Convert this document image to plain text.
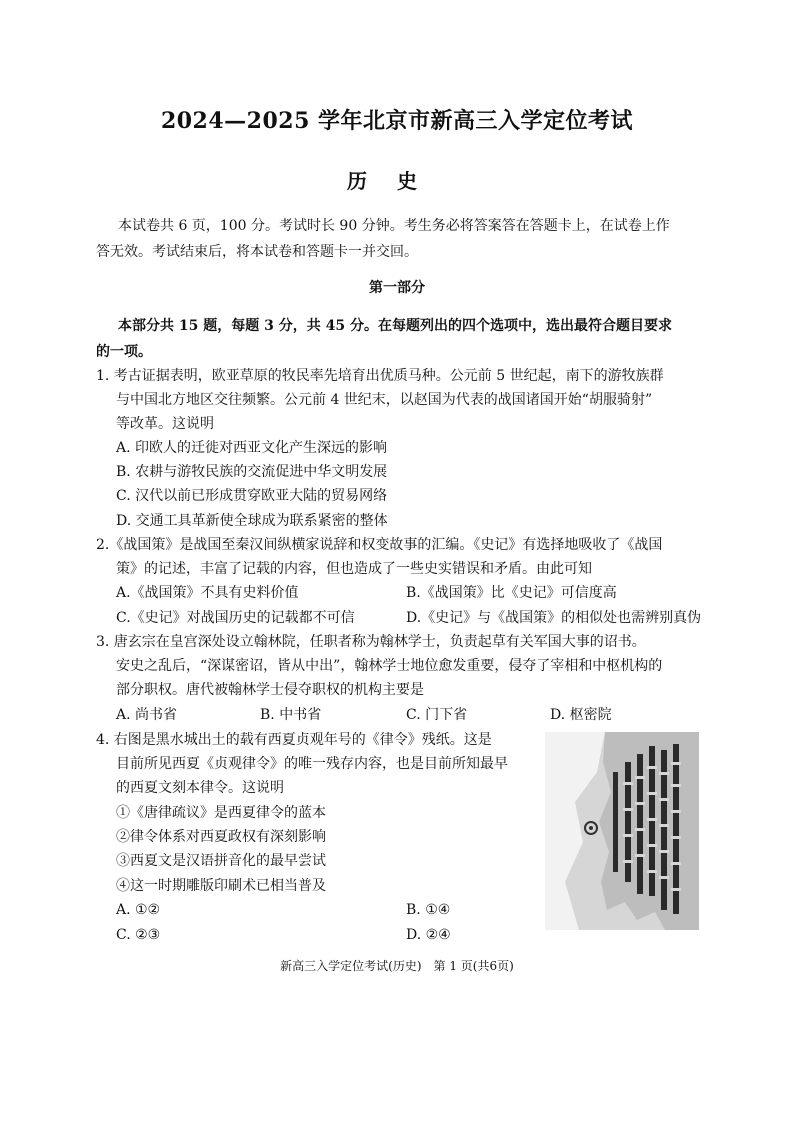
2024—2025 学年北京市新高三入学定位考试
历史
本试卷共 6 页，100 分。考试时长 90 分钟。考生务必将答案答在答题卡上，在试卷上作
答无效。考试结束后，将本试卷和答题卡一并交回。
第一部分
本部分共 15 题，每题 3 分，共 45 分。在每题列出的四个选项中，选出最符合题目要求
的一项。
1. 考古证据表明，欧亚草原的牧民率先培育出优质马种。公元前 5 世纪起，南下的游牧族群
与中国北方地区交往频繁。公元前 4 世纪末，以赵国为代表的战国诸国开始“胡服骑射”
等改革。这说明
A. 印欧人的迁徙对西亚文化产生深远的影响
B. 农耕与游牧民族的交流促进中华文明发展
C. 汉代以前已形成贯穿欧亚大陆的贸易网络
D. 交通工具革新使全球成为联系紧密的整体
2.《战国策》是战国至秦汉间纵横家说辞和权变故事的汇编。《史记》有选择地吸收了《战国
策》的记述，丰富了记载的内容，但也造成了一些史实错误和矛盾。由此可知
A.《战国策》不具有史料价值	B.《战国策》比《史记》可信度高
C.《史记》对战国历史的记载都不可信	D.《史记》与《战国策》的相似处也需辨别真伪
3. 唐玄宗在皇宫深处设立翰林院，任职者称为翰林学士，负责起草有关军国大事的诏书。
安史之乱后，“深谋密诏，皆从中出”，翰林学士地位愈发重要，侵夺了宰相和中枢机构的
部分职权。唐代被翰林学士侵夺职权的机构主要是
A. 尚书省	B. 中书省	C. 门下省	D. 枢密院
4. 右图是黑水城出土的载有西夏贞观年号的《律令》残纸。这是
目前所见西夏《贞观律令》的唯一残存内容，也是目前所知最早
的西夏文刻本律令。这说明
①《唐律疏议》是西夏律令的蓝本
②律令体系对西夏政权有深刻影响
③西夏文是汉语拼音化的最早尝试
④这一时期雕版印刷术已相当普及
A. ①②	B. ①④
C. ②③	D. ②④
新高三入学定位考试(历史)　第 1 页(共6页)
